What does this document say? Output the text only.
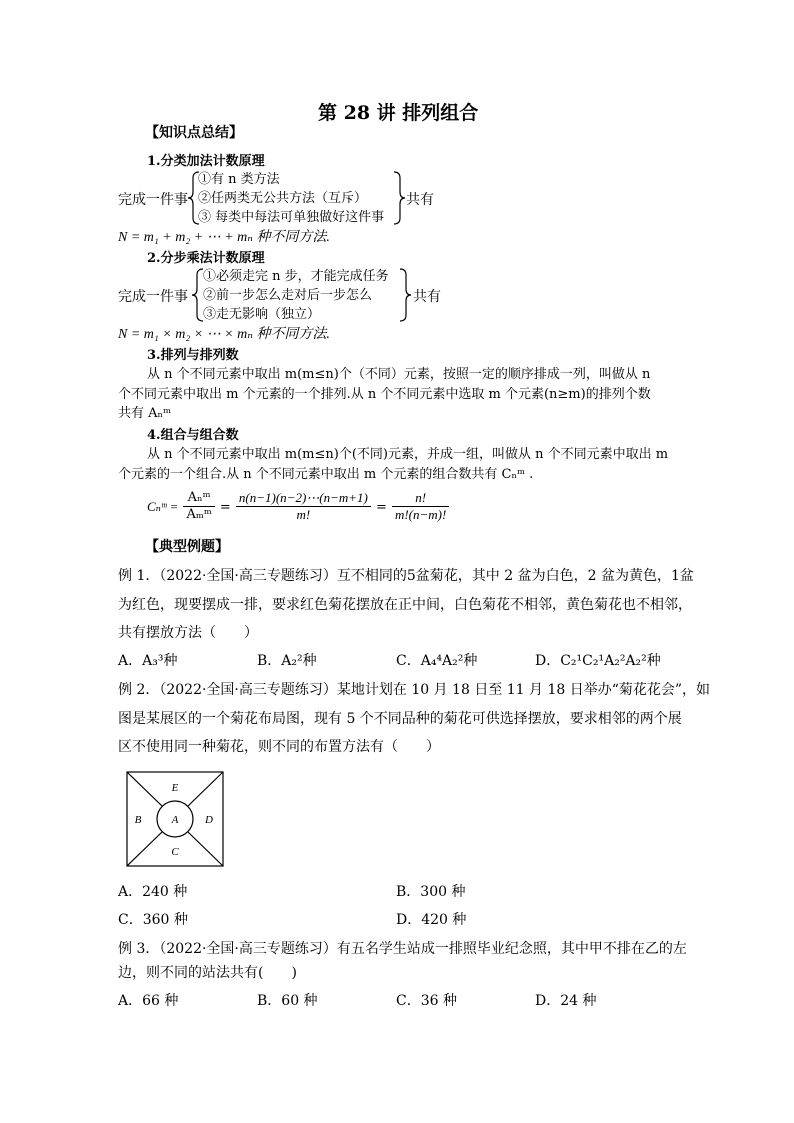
第 28 讲 排列组合
【知识点总结】
1.分类加法计数原理
完成一件事
①有 n 类方法
②任两类无公共方法（互斥）
③ 每类中每法可单独做好这件事
共有
N = m₁ + m₂ + ⋯ + mₙ 种不同方法.
2.分步乘法计数原理
完成一件事
①必须走完 n 步，才能完成任务
②前一步怎么走对后一步怎么
③走无影响（独立）
共有
N = m₁ × m₂ × ⋯ × mₙ 种不同方法.
3.排列与排列数
从 n 个不同元素中取出 m(m≤n)个（不同）元素，按照一定的顺序排成一列，叫做从 n
个不同元素中取出 m 个元素的一个排列.从 n 个不同元素中选取 m 个元素(n≥m)的排列个数
共有 Aₙᵐ
4.组合与组合数
从 n 个不同元素中取出 m(m≤n)个(不同)元素，并成一组，叫做从 n 个不同元素中取出 m
个元素的一个组合.从 n 个不同元素中取出 m 个元素的组合数共有 Cₙᵐ .
Cₙᵐ = $\frac{\text{Aₙᵐ}}{\text{Aₘᵐ}} = \frac{n(n-1)(n-2)\cdots(n-m+1)}{m!} = \frac{n!}{m!(n-m)!}$
【典型例题】
例 1．（2022·全国·高三专题练习）互不相同的5盆菊花，其中 2 盆为白色，2 盆为黄色，1盆
为红色，现要摆成一排，要求红色菊花摆放在正中间，白色菊花不相邻，黄色菊花也不相邻，
共有摆放方法（　　）
A．A₃³种	B．A₂²种	C．A₄⁴A₂²种	D．C₂¹C₂¹A₂²A₂²种
例 2．（2022·全国·高三专题练习）某地计划在 10 月 18 日至 11 月 18 日举办“菊花花会”，如
图是某展区的一个菊花布局图，现有 5 个不同品种的菊花可供选择摆放，要求相邻的两个展
区不使用同一种菊花，则不同的布置方法有（　　）
E
B	A D
C
A．240 种	B．300 种
C．360 种	D．420 种
例 3．（2022·全国·高三专题练习）有五名学生站成一排照毕业纪念照，其中甲不排在乙的左
边，则不同的站法共有(　　)
A．66 种	B．60 种	C．36 种	D．24 种
